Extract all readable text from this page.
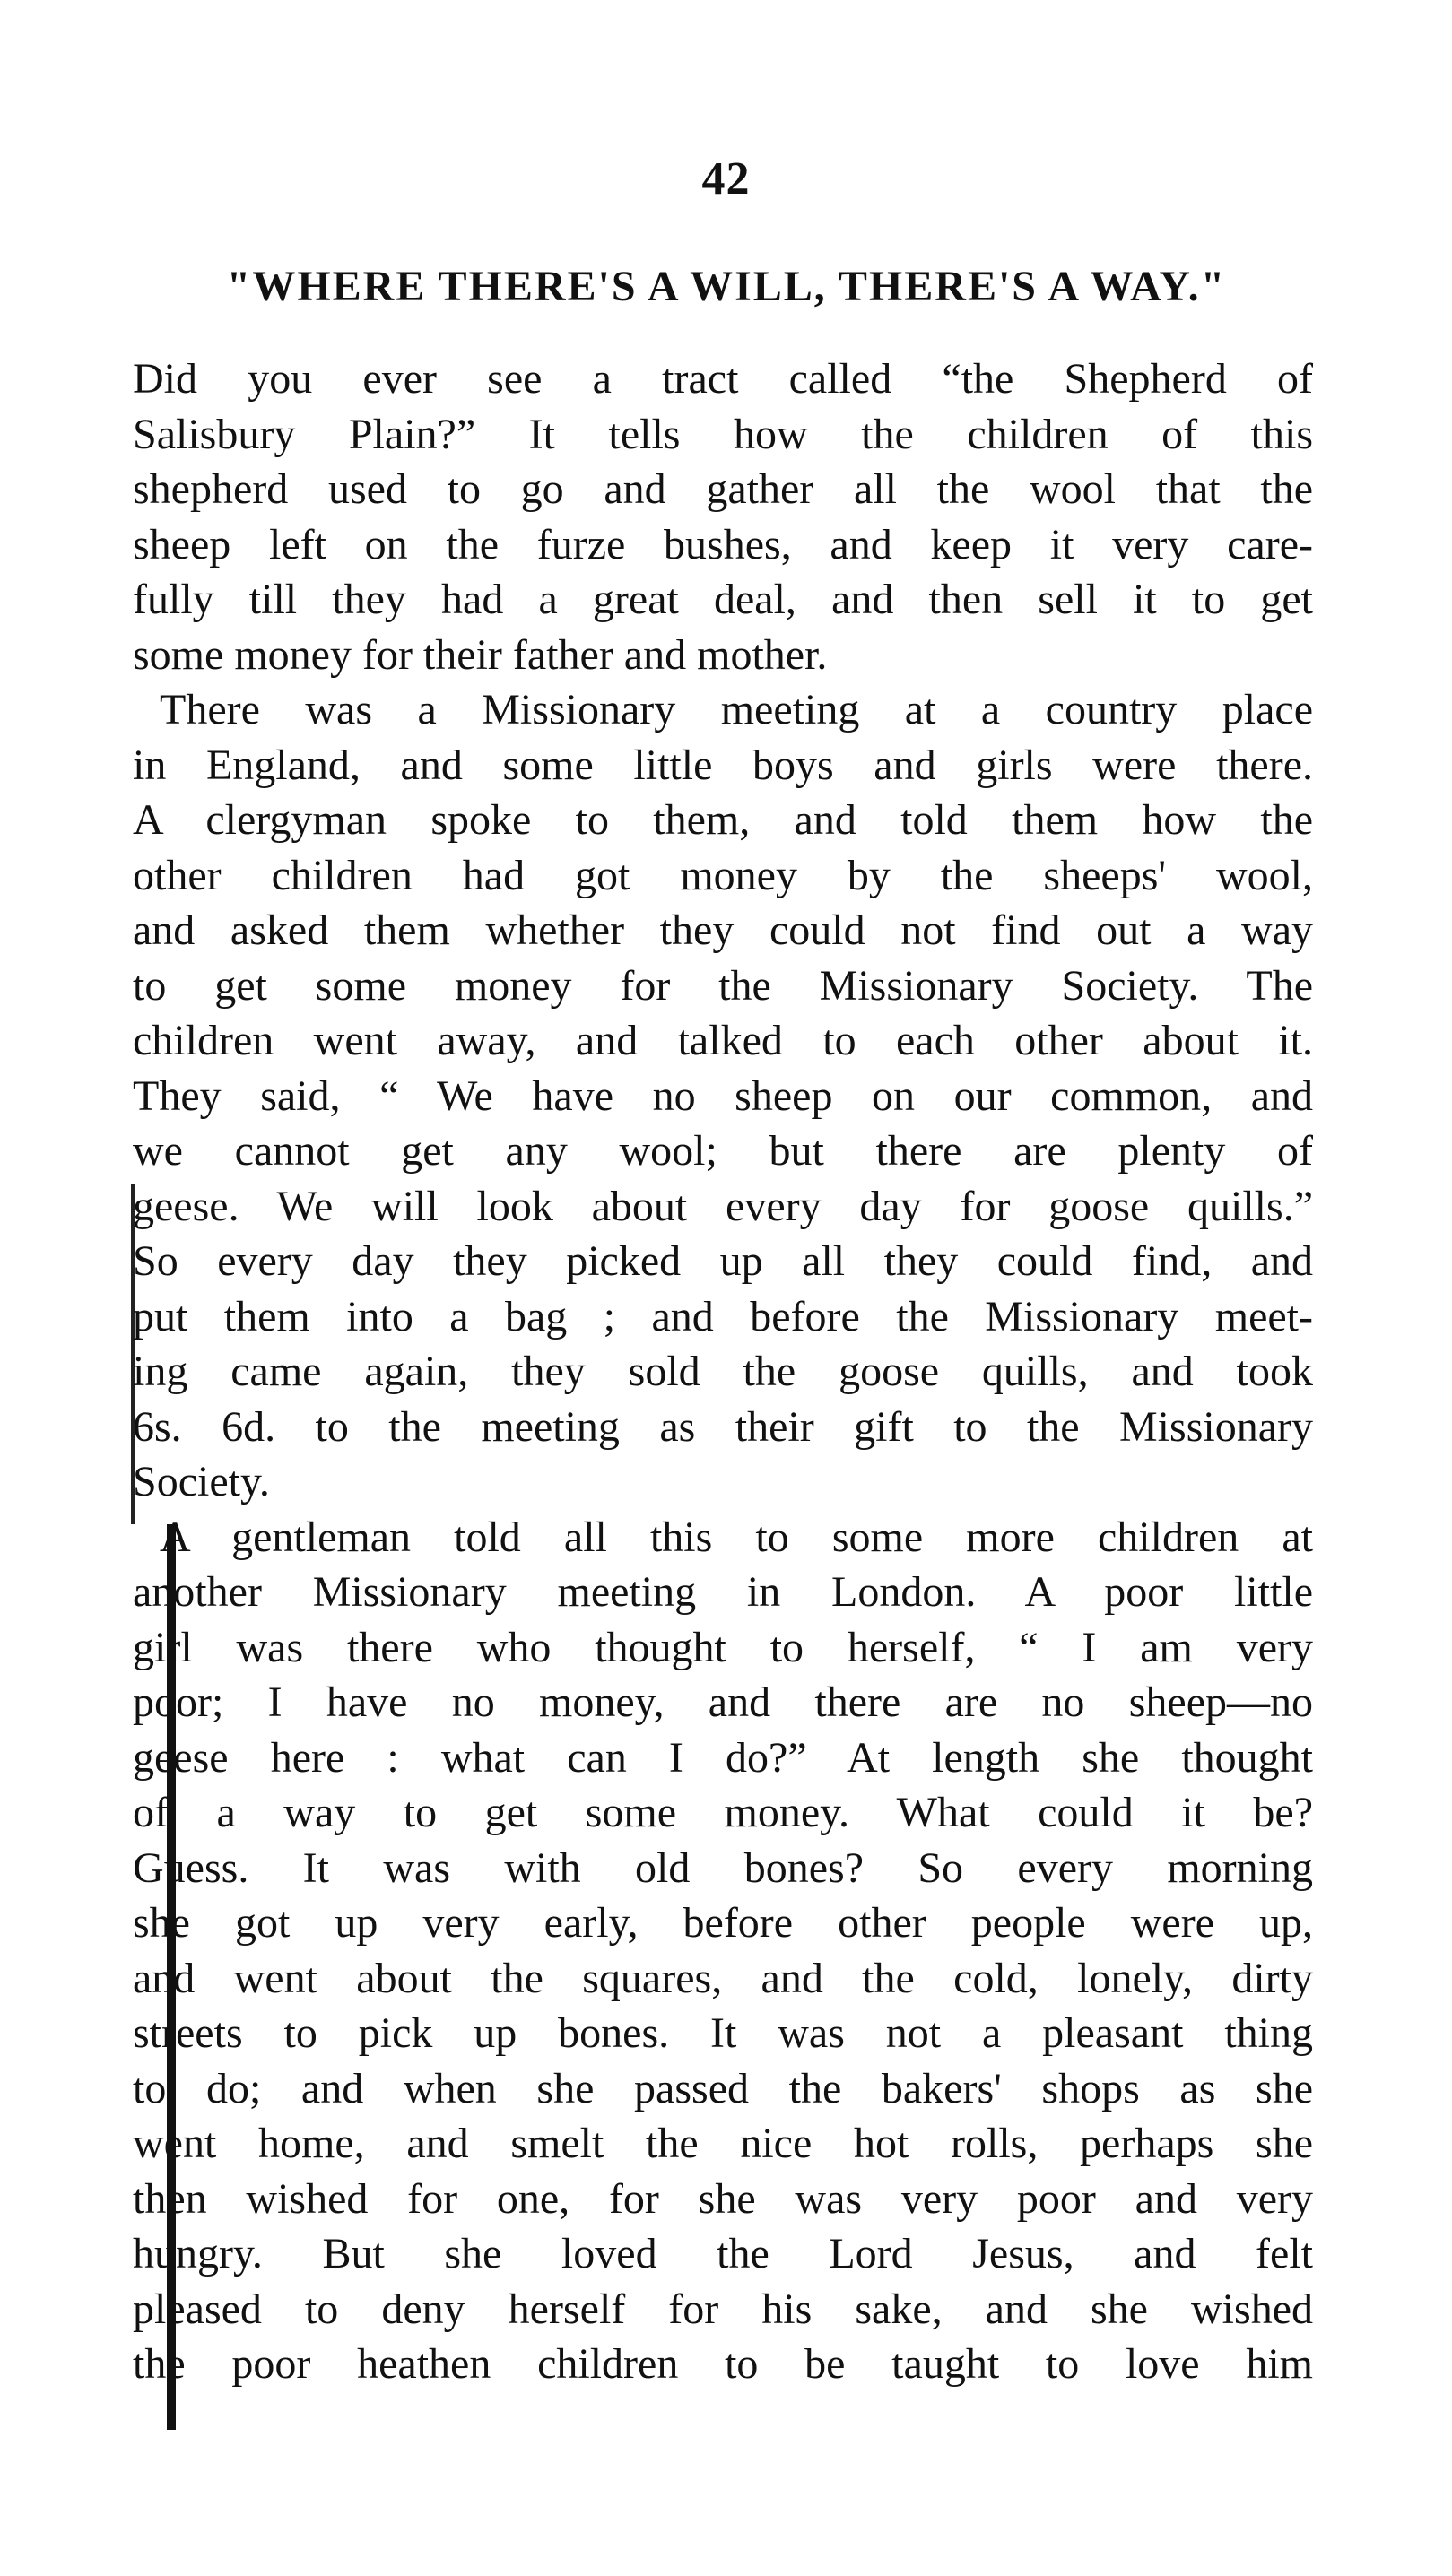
42
"WHERE THERE'S A WILL, THERE'S A WAY."
Did you ever see a tract called “the Shepherd of
Salisbury Plain?” It tells how the children of this
shepherd used to go and gather all the wool that the
sheep left on the furze bushes, and keep it very care-
fully till they had a great deal, and then sell it to get
some money for their father and mother.
There was a Missionary meeting at a country place
in England, and some little boys and girls were there.
A clergyman spoke to them, and told them how the
other children had got money by the sheeps' wool,
and asked them whether they could not find out a way
to get some money for the Missionary Society. The
children went away, and talked to each other about it.
They said, “ We have no sheep on our common, and
we cannot get any wool; but there are plenty of
geese. We will look about every day for goose quills.”
So every day they picked up all they could find, and
put them into a bag ; and before the Missionary meet-
ing came again, they sold the goose quills, and took
6s. 6d. to the meeting as their gift to the Missionary
Society.
A gentleman told all this to some more children at
another Missionary meeting in London. A poor little
girl was there who thought to herself, “ I am very
poor; I have no money, and there are no sheep—no
geese here : what can I do?” At length she thought
of a way to get some money. What could it be?
Guess. It was with old bones? So every morning
she got up very early, before other people were up,
and went about the squares, and the cold, lonely, dirty
streets to pick up bones. It was not a pleasant thing
to do; and when she passed the bakers' shops as she
went home, and smelt the nice hot rolls, perhaps she
then wished for one, for she was very poor and very
hungry. But she loved the Lord Jesus, and felt
pleased to deny herself for his sake, and she wished
the poor heathen children to be taught to love him
